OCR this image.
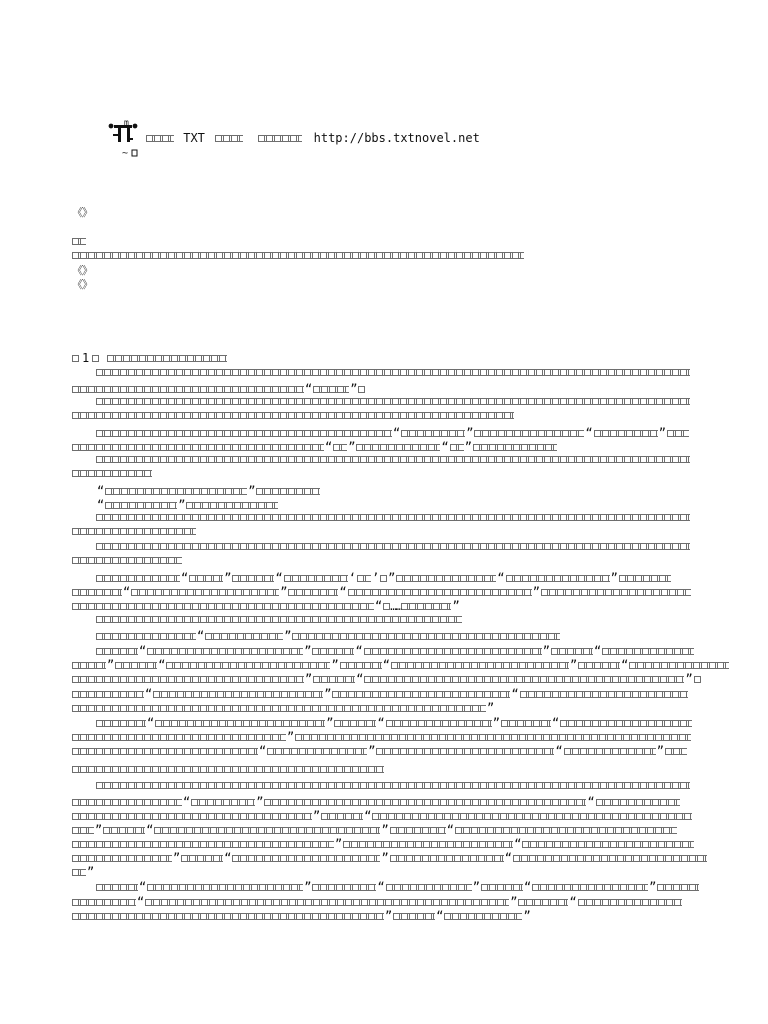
m
~
TXT	http://bbs.txtnovel.net
《》
《》
《》
1
“	”
“	”	“	”
“ ”	“ ”
“	”
“	”
“	”	“	‘ ’ ”	“	”
“	”	“	”
“ ……	”
“	”
“	”	“	”	“
”	“	”	“	”	“
”	“	”
“	”	“
”
“	”	“	”	“
”
“	”	“	”
“	”	“
”	“
”	“	”	“
”	“
”	“	”	“
”
“	”	“	”	“	”
“	”	“
”	“	”
